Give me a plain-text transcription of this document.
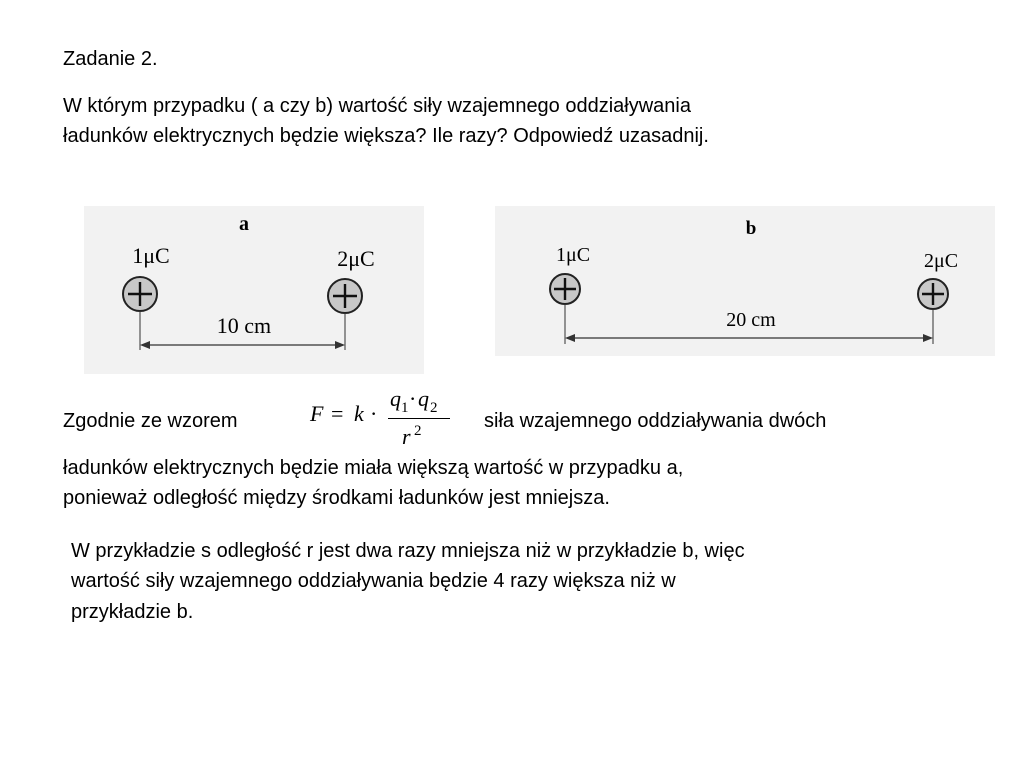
Zadanie 2.
W którym przypadku ( a czy b) wartość siły wzajemnego oddziaływania
ładunków elektrycznych będzie większa? Ile razy? Odpowiedź uzasadnij.
a
1μC	2μC
10 cm
b
1μC	2μC
20 cm
Zgodnie ze wzorem	F = k ·
q 1 · q 2
r 2	siła wzajemnego oddziaływania dwóch
ładunków elektrycznych będzie miała większą wartość w przypadku a,
ponieważ odległość między środkami ładunków jest mniejsza.
W przykładzie s odległość r jest dwa razy mniejsza niż w przykładzie b, więc
wartość siły wzajemnego oddziaływania będzie 4 razy większa niż w
przykładzie b.
